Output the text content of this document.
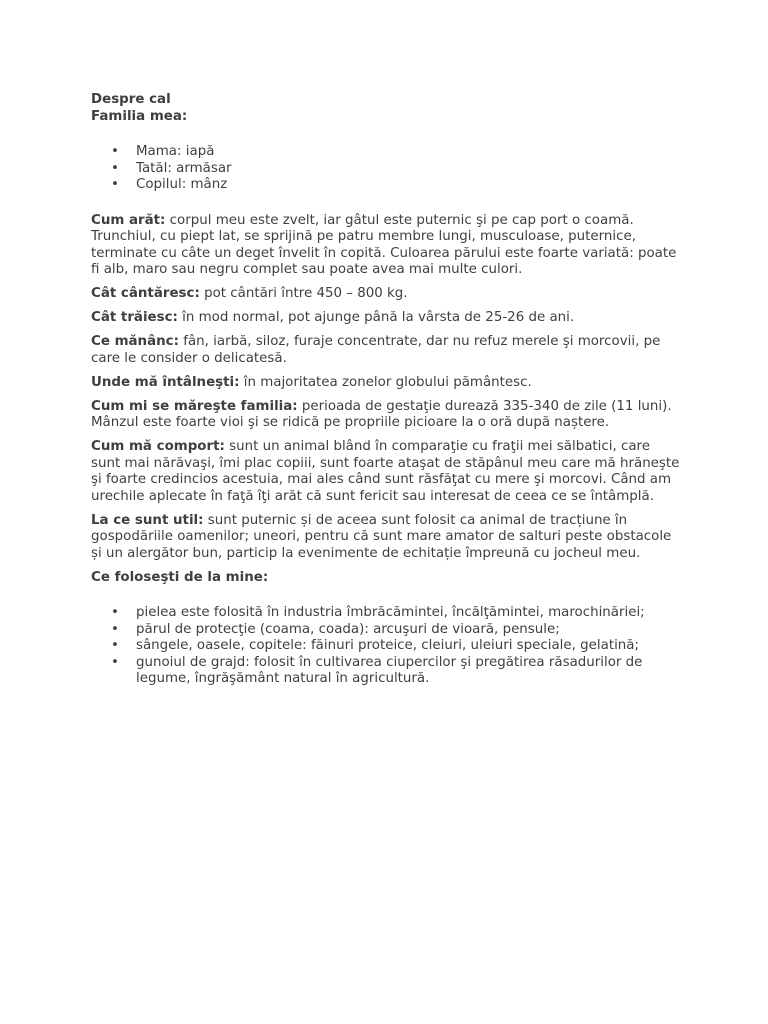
Despre cal

Familia mea:

• Mama: iapă
• Tatăl: armăsar
• Copilul: mânz

Cum arăt: corpul meu este zvelt, iar gâtul este puternic şi pe cap port o coamă. Trunchiul, cu piept lat, se sprijină pe patru membre lungi, musculoase, puternice, terminate cu câte un deget învelit în copită. Culoarea părului este foarte variată: poate fi alb, maro sau negru complet sau poate avea mai multe culori.

Cât cântăresc: pot cântări între 450 – 800 kg.

Cât trăiesc: în mod normal, pot ajunge până la vârsta de 25-26 de ani.

Ce mănânc: fân, iarbă, siloz, furaje concentrate, dar nu refuz merele şi morcovii, pe care le consider o delicatesă.

Unde mă întâlneşti: în majoritatea zonelor globului pământesc.

Cum mi se măreşte familia: perioada de gestaţie durează 335-340 de zile (11 luni). Mânzul este foarte vioi şi se ridică pe propriile picioare la o oră după naștere.

Cum mă comport: sunt un animal blând în comparaţie cu fraţii mei sălbatici, care sunt mai nărăvaşi, îmi plac copiii, sunt foarte ataşat de stăpânul meu care mă hrăneşte şi foarte credincios acestuia, mai ales când sunt răsfăţat cu mere şi morcovi. Când am urechile aplecate în faţă îţi arăt că sunt fericit sau interesat de ceea ce se întâmplă.

La ce sunt util: sunt puternic și de aceea sunt folosit ca animal de tracțiune în gospodăriile oamenilor; uneori, pentru că sunt mare amator de salturi peste obstacole și un alergător bun, particip la evenimente de echitație împreună cu jocheul meu.

Ce foloseşti de la mine:

• pielea este folosită în industria îmbrăcămintei, încălţămintei, marochinăriei;
• părul de protecţie (coama, coada): arcuşuri de vioară, pensule;
• sângele, oasele, copitele: făinuri proteice, cleiuri, uleiuri speciale, gelatină;
• gunoiul de grajd: folosit în cultivarea ciupercilor şi pregătirea răsadurilor de legume, îngrăşământ natural în agricultură.
